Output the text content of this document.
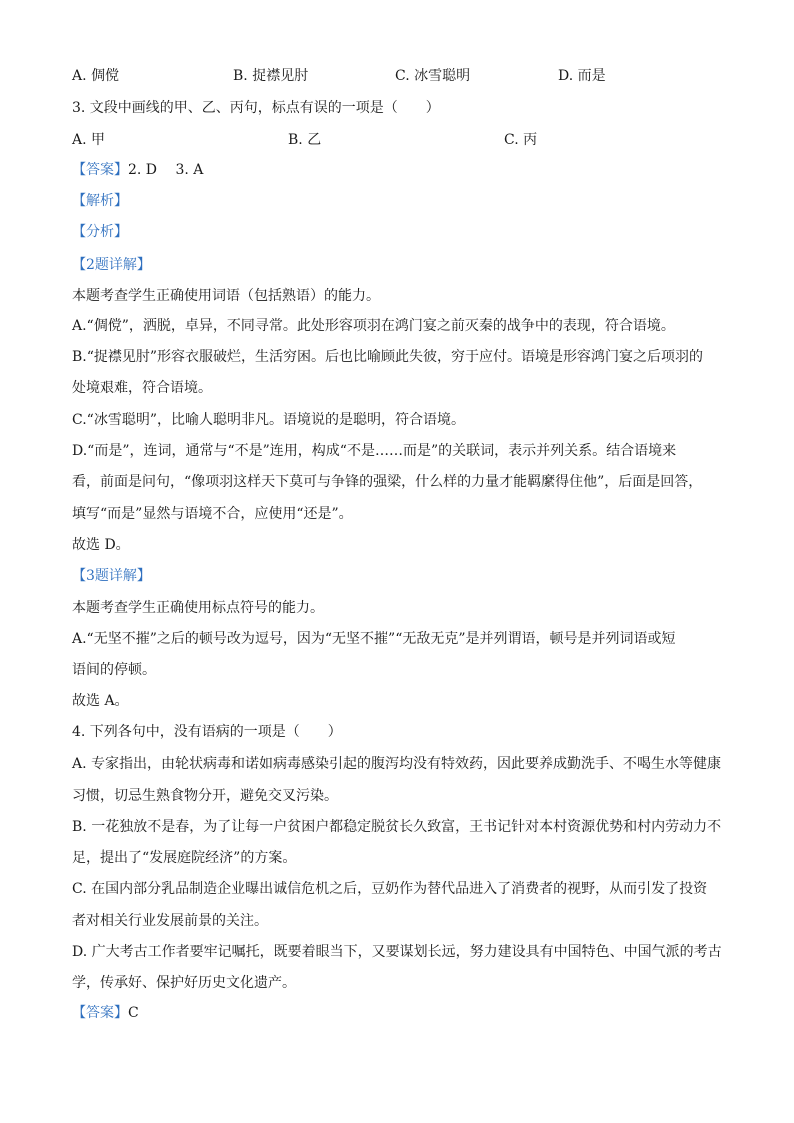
A. 倜傥	B. 捉襟见肘	C. 冰雪聪明	D. 而是
3. 文段中画线的甲、乙、丙句，标点有误的一项是（　　）
A. 甲	B. 乙	C. 丙
【答案】2. D　 3. A
【解析】
【分析】
【2题详解】
本题考查学生正确使用词语（包括熟语）的能力。
A.“倜傥”，洒脱，卓异，不同寻常。此处形容项羽在鸿门宴之前灭秦的战争中的表现，符合语境。
B.“捉襟见肘”形容衣服破烂，生活穷困。后也比喻顾此失彼，穷于应付。语境是形容鸿门宴之后项羽的
处境艰难，符合语境。
C.“冰雪聪明”，比喻人聪明非凡。语境说的是聪明，符合语境。
D.“而是”，连词，通常与“不是”连用，构成“不是……而是”的关联词，表示并列关系。结合语境来
看，前面是问句，“像项羽这样天下莫可与争锋的强梁，什么样的力量才能羁縻得住他”，后面是回答，
填写“而是”显然与语境不合，应使用“还是”。
故选 D。
【3题详解】
本题考查学生正确使用标点符号的能力。
A.“无坚不摧”之后的顿号改为逗号，因为“无坚不摧”“无敌无克”是并列谓语，顿号是并列词语或短
语间的停顿。
故选 A。
4. 下列各句中，没有语病的一项是（　　）
A. 专家指出，由轮状病毒和诺如病毒感染引起的腹泻均没有特效药，因此要养成勤洗手、不喝生水等健康
习惯，切忌生熟食物分开，避免交叉污染。
B. 一花独放不是春，为了让每一户贫困户都稳定脱贫长久致富，王书记针对本村资源优势和村内劳动力不
足，提出了“发展庭院经济”的方案。
C. 在国内部分乳品制造企业曝出诚信危机之后，豆奶作为替代品进入了消费者的视野，从而引发了投资
者对相关行业发展前景的关注。
D. 广大考古工作者要牢记嘱托，既要着眼当下，又要谋划长远，努力建设具有中国特色、中国气派的考古
学，传承好、保护好历史文化遗产。
【答案】C
